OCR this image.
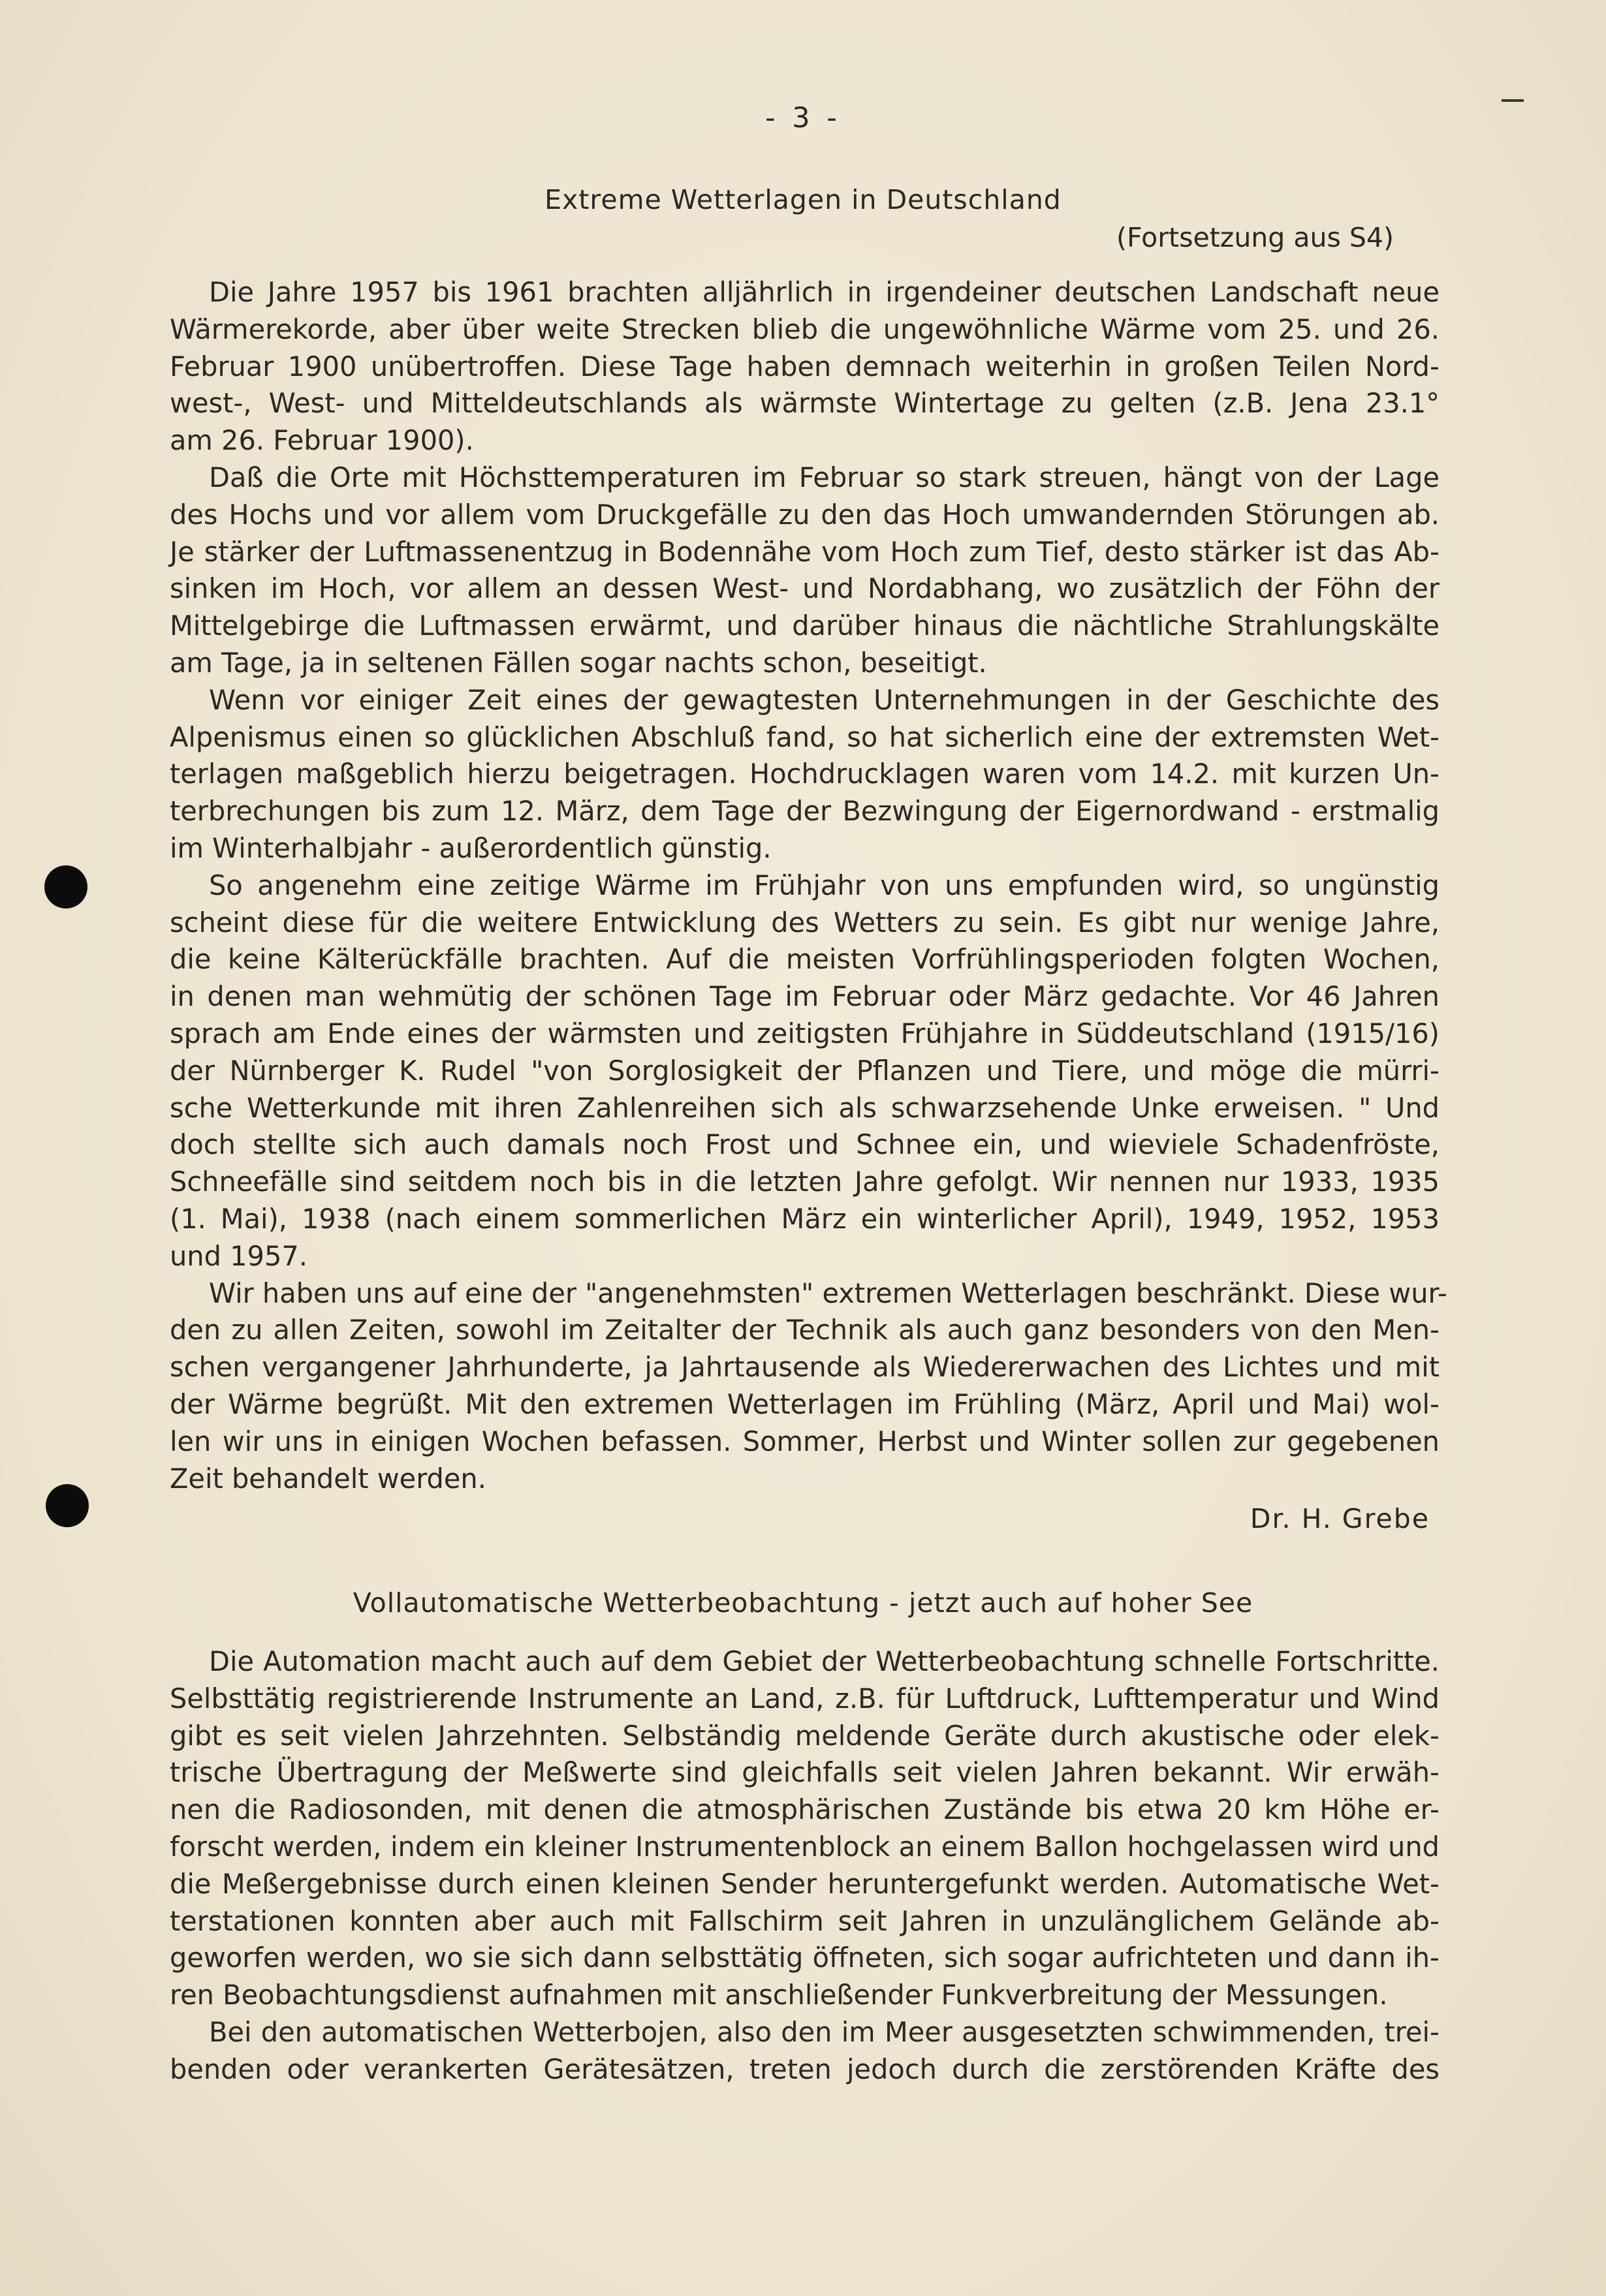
- 3 -
Extreme Wetterlagen in Deutschland
(Fortsetzung aus S4)
Die Jahre 1957 bis 1961 brachten alljährlich in irgendeiner deutschen Landschaft neue
Wärmerekorde, aber über weite Strecken blieb die ungewöhnliche Wärme vom 25. und 26.
Februar 1900 unübertroffen. Diese Tage haben demnach weiterhin in großen Teilen Nord-
west-, West- und Mitteldeutschlands als wärmste Wintertage zu gelten (z.B. Jena 23.1°
am 26. Februar 1900).
Daß die Orte mit Höchsttemperaturen im Februar so stark streuen, hängt von der Lage
des Hochs und vor allem vom Druckgefälle zu den das Hoch umwandernden Störungen ab.
Je stärker der Luftmassenentzug in Bodennähe vom Hoch zum Tief, desto stärker ist das Ab-
sinken im Hoch, vor allem an dessen West- und Nordabhang, wo zusätzlich der Föhn der
Mittelgebirge die Luftmassen erwärmt, und darüber hinaus die nächtliche Strahlungskälte
am Tage, ja in seltenen Fällen sogar nachts schon, beseitigt.
Wenn vor einiger Zeit eines der gewagtesten Unternehmungen in der Geschichte des
Alpenismus einen so glücklichen Abschluß fand, so hat sicherlich eine der extremsten Wet-
terlagen maßgeblich hierzu beigetragen. Hochdrucklagen waren vom 14.2. mit kurzen Un-
terbrechungen bis zum 12. März, dem Tage der Bezwingung der Eigernordwand - erstmalig
im Winterhalbjahr - außerordentlich günstig.
So angenehm eine zeitige Wärme im Frühjahr von uns empfunden wird, so ungünstig
scheint diese für die weitere Entwicklung des Wetters zu sein. Es gibt nur wenige Jahre,
die keine Kälterückfälle brachten. Auf die meisten Vorfrühlingsperioden folgten Wochen,
in denen man wehmütig der schönen Tage im Februar oder März gedachte. Vor 46 Jahren
sprach am Ende eines der wärmsten und zeitigsten Frühjahre in Süddeutschland (1915/16)
der Nürnberger K. Rudel "von Sorglosigkeit der Pflanzen und Tiere, und möge die mürri-
sche Wetterkunde mit ihren Zahlenreihen sich als schwarzsehende Unke erweisen. " Und
doch stellte sich auch damals noch Frost und Schnee ein, und wieviele Schadenfröste,
Schneefälle sind seitdem noch bis in die letzten Jahre gefolgt. Wir nennen nur 1933, 1935
(1. Mai), 1938 (nach einem sommerlichen März ein winterlicher April), 1949, 1952, 1953
und 1957.
Wir haben uns auf eine der "angenehmsten" extremen Wetterlagen beschränkt. Diese wur-
den zu allen Zeiten, sowohl im Zeitalter der Technik als auch ganz besonders von den Men-
schen vergangener Jahrhunderte, ja Jahrtausende als Wiedererwachen des Lichtes und mit
der Wärme begrüßt. Mit den extremen Wetterlagen im Frühling (März, April und Mai) wol-
len wir uns in einigen Wochen befassen. Sommer, Herbst und Winter sollen zur gegebenen
Zeit behandelt werden.
Dr. H. Grebe
Vollautomatische Wetterbeobachtung - jetzt auch auf hoher See
Die Automation macht auch auf dem Gebiet der Wetterbeobachtung schnelle Fortschritte.
Selbsttätig registrierende Instrumente an Land, z.B. für Luftdruck, Lufttemperatur und Wind
gibt es seit vielen Jahrzehnten. Selbständig meldende Geräte durch akustische oder elek-
trische Übertragung der Meßwerte sind gleichfalls seit vielen Jahren bekannt. Wir erwäh-
nen die Radiosonden, mit denen die atmosphärischen Zustände bis etwa 20 km Höhe er-
forscht werden, indem ein kleiner Instrumentenblock an einem Ballon hochgelassen wird und
die Meßergebnisse durch einen kleinen Sender heruntergefunkt werden. Automatische Wet-
terstationen konnten aber auch mit Fallschirm seit Jahren in unzulänglichem Gelände ab-
geworfen werden, wo sie sich dann selbsttätig öffneten, sich sogar aufrichteten und dann ih-
ren Beobachtungsdienst aufnahmen mit anschließender Funkverbreitung der Messungen.
Bei den automatischen Wetterbojen, also den im Meer ausgesetzten schwimmenden, trei-
benden oder verankerten Gerätesätzen, treten jedoch durch die zerstörenden Kräfte des
